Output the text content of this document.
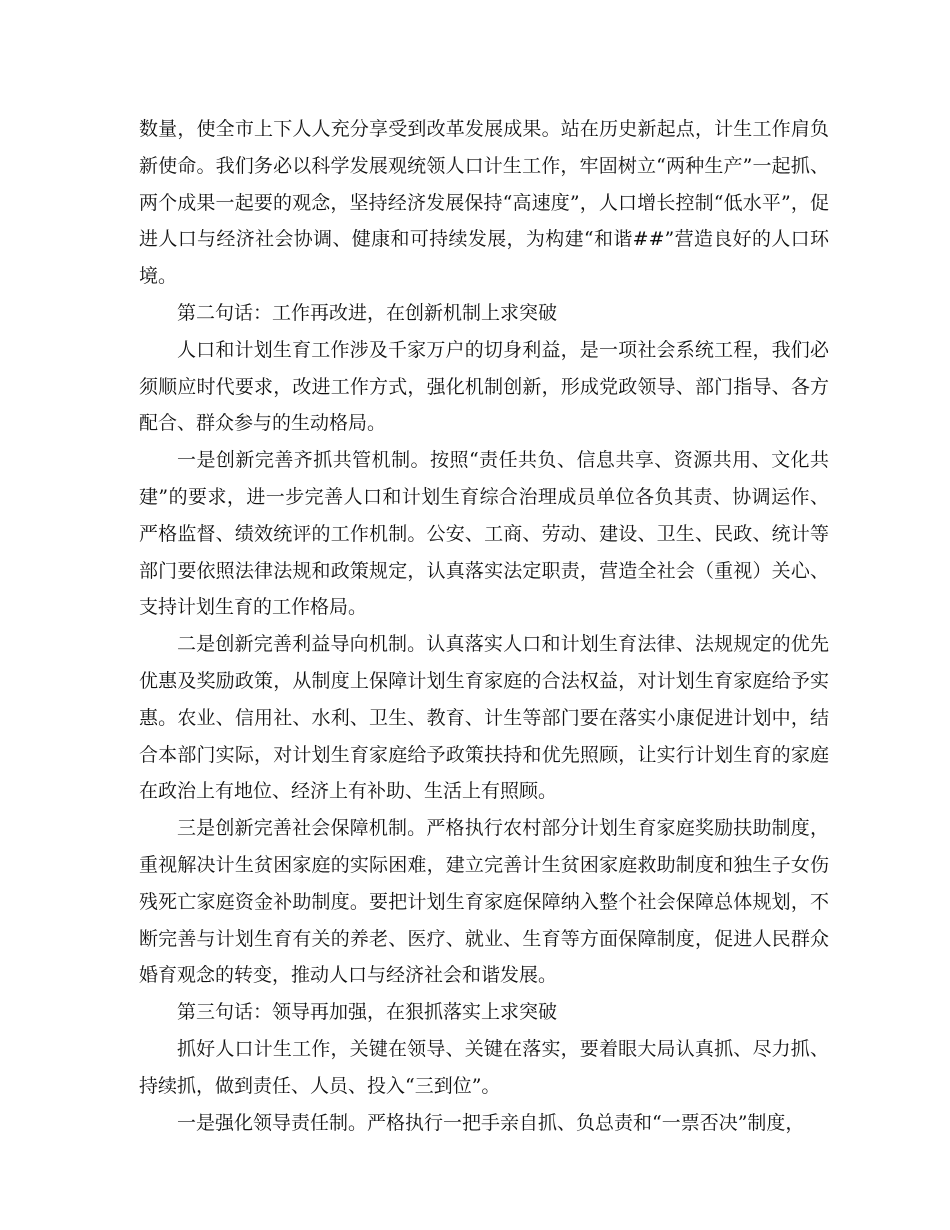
数量，使全市上下人人充分享受到改革发展成果。站在历史新起点，计生工作肩负新使命。我们务必以科学发展观统领人口计生工作，牢固树立“两种生产”一起抓、两个成果一起要的观念，坚持经济发展保持“高速度”，人口增长控制“低水平”，促进人口与经济社会协调、健康和可持续发展，为构建“和谐##”营造良好的人口环境。

第二句话：工作再改进，在创新机制上求突破

人口和计划生育工作涉及千家万户的切身利益，是一项社会系统工程，我们必须顺应时代要求，改进工作方式，强化机制创新，形成党政领导、部门指导、各方配合、群众参与的生动格局。

一是创新完善齐抓共管机制。按照“责任共负、信息共享、资源共用、文化共建”的要求，进一步完善人口和计划生育综合治理成员单位各负其责、协调运作、严格监督、绩效统评的工作机制。公安、工商、劳动、建设、卫生、民政、统计等部门要依照法律法规和政策规定，认真落实法定职责，营造全社会（重视）关心、支持计划生育的工作格局。

二是创新完善利益导向机制。认真落实人口和计划生育法律、法规规定的优先优惠及奖励政策，从制度上保障计划生育家庭的合法权益，对计划生育家庭给予实惠。农业、信用社、水利、卫生、教育、计生等部门要在落实小康促进计划中，结合本部门实际，对计划生育家庭给予政策扶持和优先照顾，让实行计划生育的家庭在政治上有地位、经济上有补助、生活上有照顾。

三是创新完善社会保障机制。严格执行农村部分计划生育家庭奖励扶助制度，重视解决计生贫困家庭的实际困难，建立完善计生贫困家庭救助制度和独生子女伤残死亡家庭资金补助制度。要把计划生育家庭保障纳入整个社会保障总体规划，不断完善与计划生育有关的养老、医疗、就业、生育等方面保障制度，促进人民群众婚育观念的转变，推动人口与经济社会和谐发展。

第三句话：领导再加强，在狠抓落实上求突破

抓好人口计生工作，关键在领导、关键在落实，要着眼大局认真抓、尽力抓、持续抓，做到责任、人员、投入“三到位”。

一是强化领导责任制。严格执行一把手亲自抓、负总责和“一票否决”制度，
